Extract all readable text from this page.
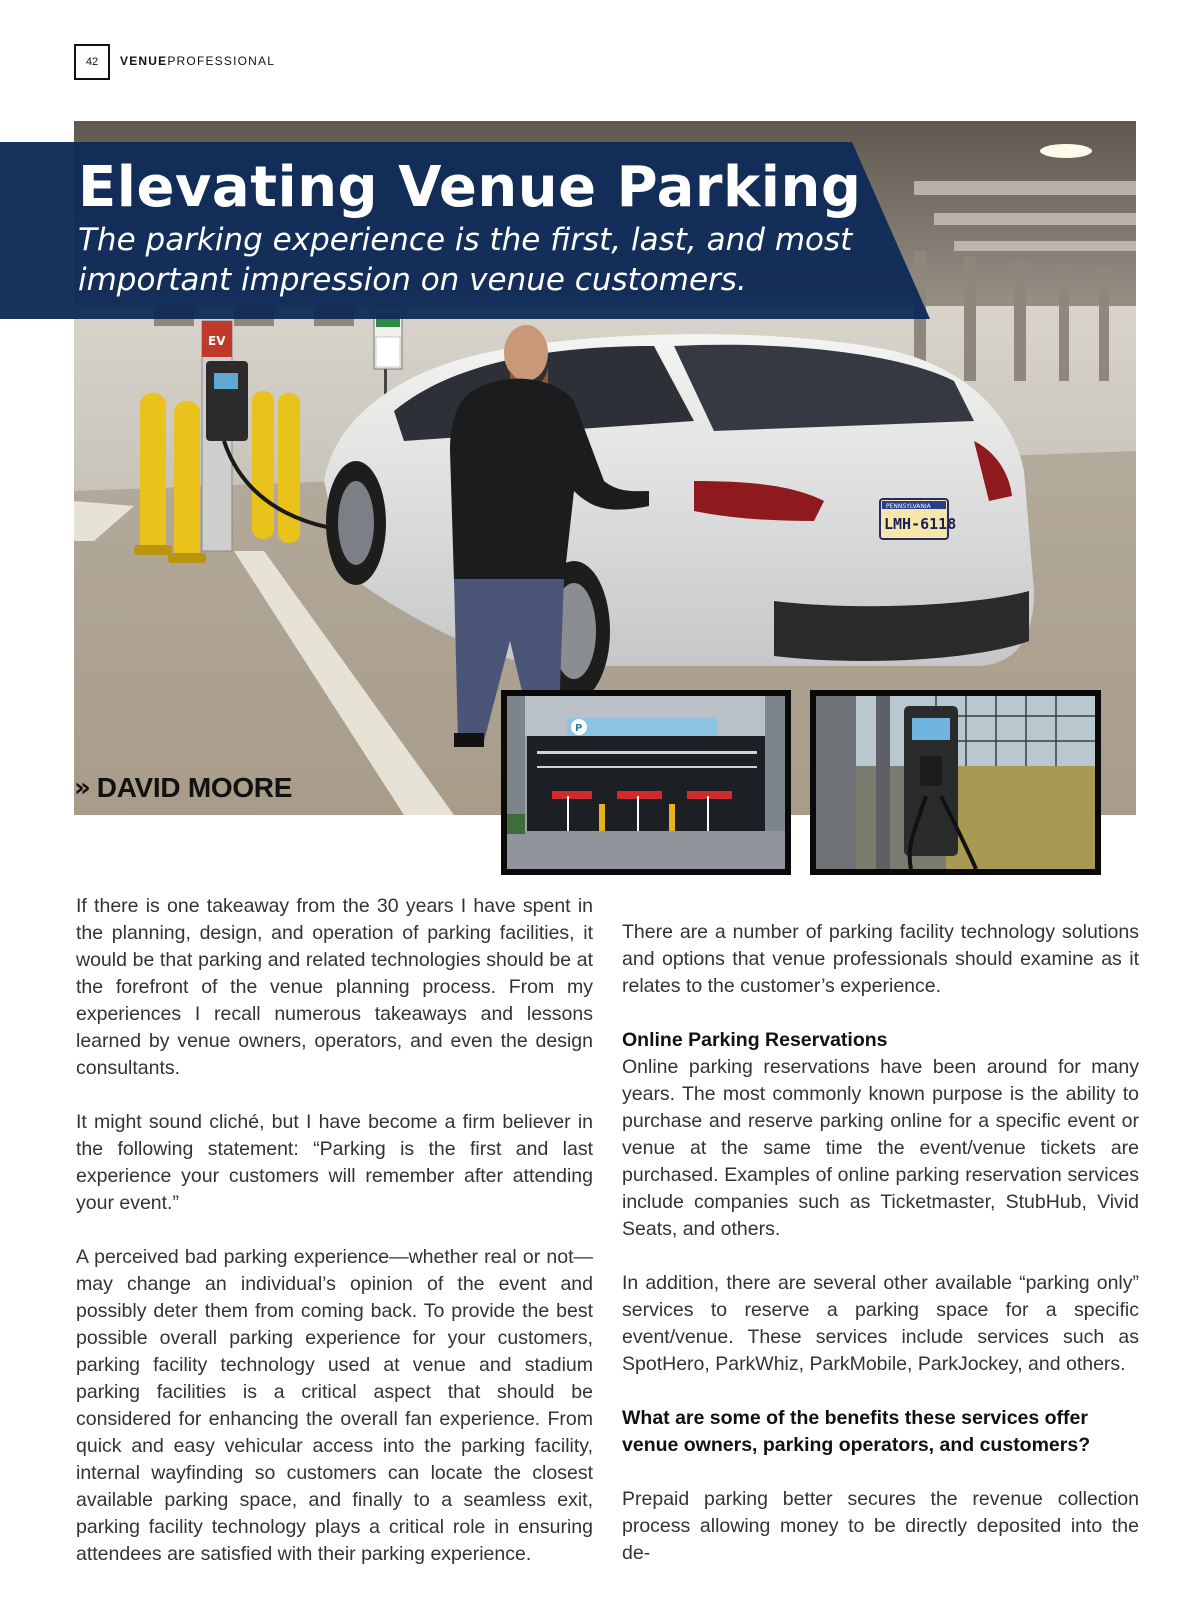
42 VENUEPROFESSIONAL
EV
PENNSYLVANIA
LMH-6118
Elevating Venue Parking

The parking experience is the first, last, and most important impression on venue customers.

» DAVID MOORE
P

If there is one takeaway from the 30 years I have spent in the planning, design, and operation of parking facilities, it would be that parking and related technologies should be at the forefront of the venue planning process. From my experiences I recall numerous takeaways and lessons learned by venue owners, operators, and even the design consultants.

It might sound cliché, but I have become a firm believer in the following statement: “Parking is the first and last experience your customers will remember after attending your event.”

A perceived bad parking experience—whether real or not—may change an individual’s opinion of the event and possibly deter them from coming back. To provide the best possible overall parking experience for your customers, parking facility technology used at venue and stadium parking facilities is a critical aspect that should be considered for enhancing the overall fan experience. From quick and easy vehicular access into the parking facility, internal wayfinding so customers can locate the closest available parking space, and finally to a seamless exit, parking facility technology plays a critical role in ensuring attendees are satisfied with their parking experience.

There are a number of parking facility technology solutions and options that venue professionals should examine as it relates to the customer’s experience.

Online Parking Reservations

Online parking reservations have been around for many years. The most commonly known purpose is the ability to purchase and reserve parking online for a specific event or venue at the same time the event/venue tickets are purchased. Examples of online parking reservation services include companies such as Ticketmaster, StubHub, Vivid Seats, and others.

In addition, there are several other available “parking only” services to reserve a parking space for a specific event/venue. These services include services such as SpotHero, ParkWhiz, ParkMobile, ParkJockey, and others.

What are some of the benefits these services offer venue owners, parking operators, and customers?

Prepaid parking better secures the revenue collection process allowing money to be directly deposited into the de-
